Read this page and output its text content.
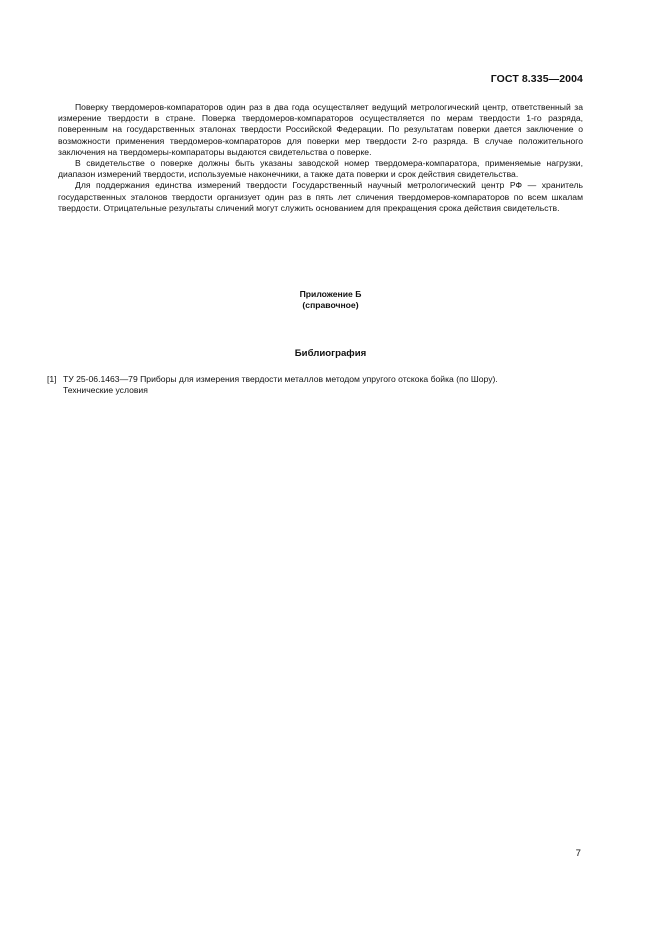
ГОСТ 8.335—2004

Поверку твердомеров-компараторов один раз в два года осуществляет ведущий метрологический центр, ответственный за измерение твердости в стране. Поверка твердомеров-компараторов осуществляется по мерам твердости 1-го разряда, поверенным на государственных эталонах твердости Российской Федерации. По результатам поверки дается заключение о возможности применения твердомеров-компараторов для поверки мер твердости 2-го разряда. В случае положительного заключения на твердомеры-компараторы выдаются свидетельства о поверке.

В свидетельстве о поверке должны быть указаны заводской номер твердомера-компаратора, применяемые нагрузки, диапазон измерений твердости, используемые наконечники, а также дата поверки и срок действия свидетельства.

Для поддержания единства измерений твердости Государственный научный метрологический центр РФ — хранитель государственных эталонов твердости организует один раз в пять лет сличения твердомеров-компараторов по всем шкалам твердости. Отрицательные результаты сличений могут служить основанием для прекращения срока действия свидетельств.

Приложение Б
(справочное)
Библиография
[1] ТУ 25-06.1463—79 Приборы для измерения твердости металлов методом упругого отскока бойка (по Шору).
Технические условия
7
